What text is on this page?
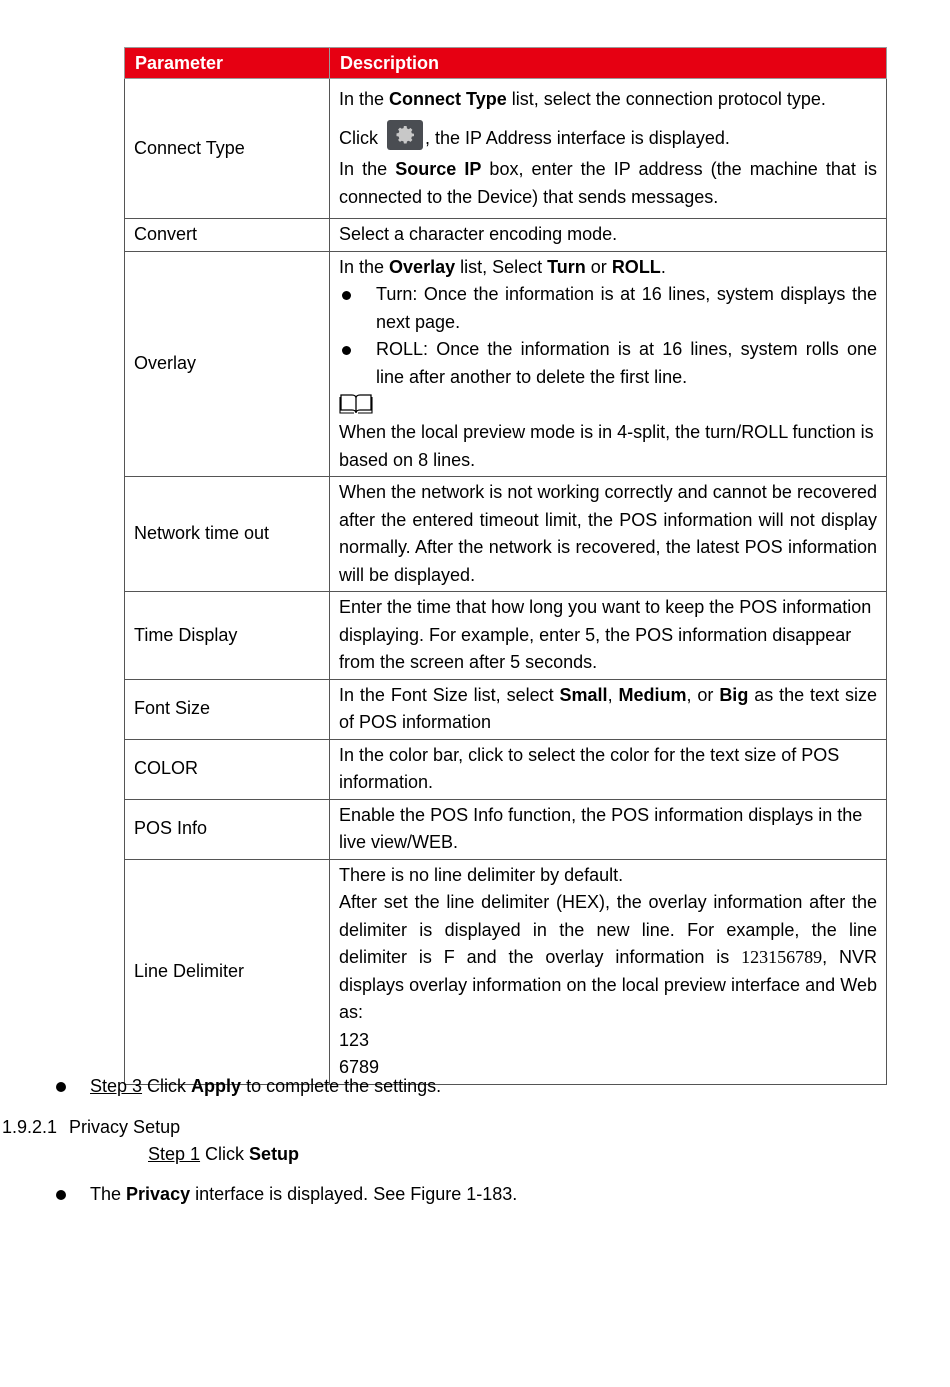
Parameter	Description
Connect Type	In the Connect Type list, select the connection protocol type.

Click
, the IP Address interface is displayed.

In the Source IP box, enter the IP address (the machine that is connected to the Device) that sends messages.

Convert	Select a character encoding mode.
Overlay	In the Overlay list, Select Turn or ROLL.

Turn: Once the information is at 16 lines, system displays the next page.

ROLL: Once the information is at 16 lines, system rolls one line after another to delete the first line.

When the local preview mode is in 4-split, the turn/ROLL function is based on 8 lines.

Network time out	When the network is not working correctly and cannot be recovered after the entered timeout limit, the POS information will not display normally. After the network is recovered, the latest POS information will be displayed.
Time Display	Enter the time that how long you want to keep the POS information displaying. For example, enter 5, the POS information disappear from the screen after 5 seconds.
Font Size	In the Font Size list, select Small, Medium, or Big as the text size of POS information
COLOR	In the color bar, click to select the color for the text size of POS information.
POS Info	Enable the POS Info function, the POS information displays in the live view/WEB.
Line Delimiter	There is no line delimiter by default.

After set the line delimiter (HEX), the overlay information after the delimiter is displayed in the new line. For example, the line delimiter is F and the overlay information is 123156789, NVR displays overlay information on the local preview interface and Web as:

123

6789

Step 3 Click Apply to complete the settings.
1.9.2.1 Privacy Setup
Step 1 Click Setup
The Privacy interface is displayed. See Figure 1-183.
